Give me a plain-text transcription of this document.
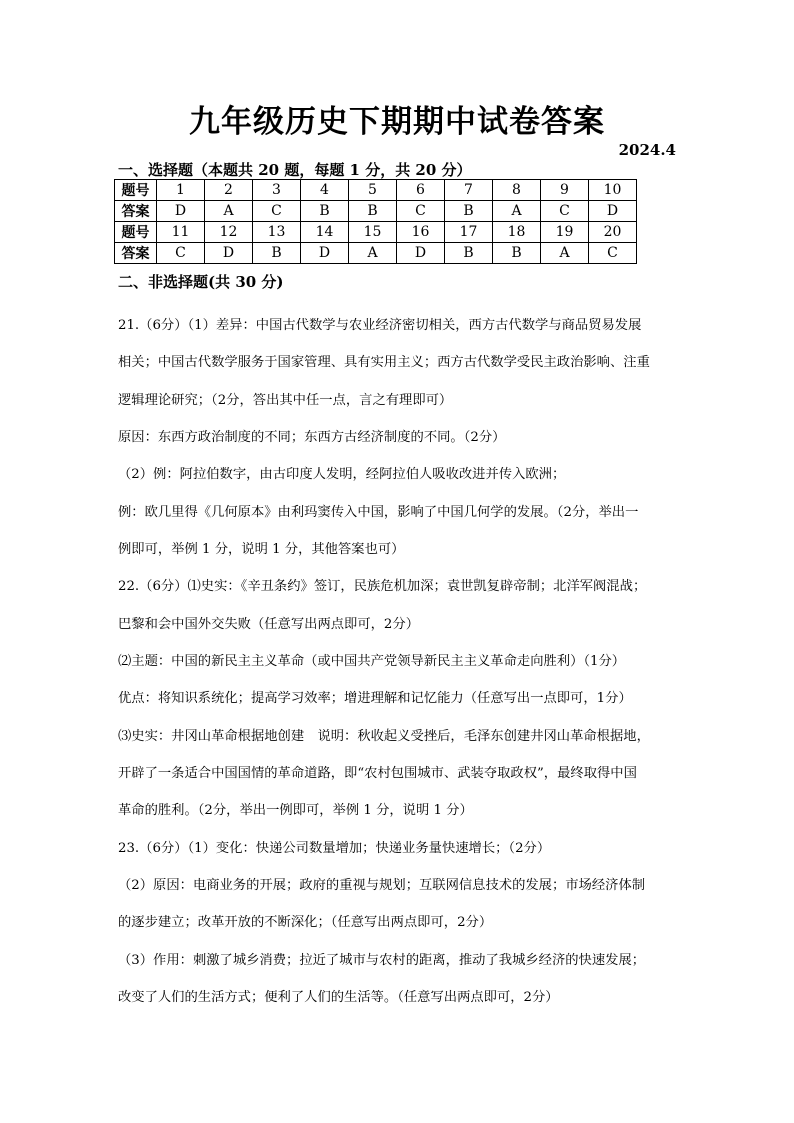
九年级历史下期期中试卷答案
2024.4
一、选择题（本题共 20 题，每题 1 分，共 20 分）
题号	1	2	3	4	5	6	7	8	9	10
答案	D	A	C	B	B	C	B	A	C	D
题号	11	12	13	14	15	16	17	18	19	20
答案	C	D	B	D	A	D	B	B	A	C
二、非选择题(共 30 分)
21.（6分）（1）差异：中国古代数学与农业经济密切相关，西方古代数学与商品贸易发展
相关；中国古代数学服务于国家管理、具有实用主义；西方古代数学受民主政治影响、注重
逻辑理论研究；（2分，答出其中任一点，言之有理即可）
原因：东西方政治制度的不同；东西方古经济制度的不同。（2分）
（2）例：阿拉伯数字，由古印度人发明，经阿拉伯人吸收改进并传入欧洲；
例：欧几里得《几何原本》由利玛窦传入中国，影响了中国几何学的发展。（2分，举出一
例即可，举例 1 分，说明 1 分，其他答案也可）
22.（6分）⑴史实：《辛丑条约》签订，民族危机加深；袁世凯复辟帝制；北洋军阀混战；
巴黎和会中国外交失败（任意写出两点即可，2分）
⑵主题：中国的新民主主义革命（或中国共产党领导新民主主义革命走向胜利）（1分）
优点：将知识系统化；提高学习效率；增进理解和记忆能力（任意写出一点即可，1分）
⑶史实：井冈山革命根据地创建　说明：秋收起义受挫后，毛泽东创建井冈山革命根据地，
开辟了一条适合中国国情的革命道路，即“农村包围城市、武装夺取政权”，最终取得中国
革命的胜利。（2分，举出一例即可，举例 1 分，说明 1 分）
23.（6分）（1）变化：快递公司数量增加；快递业务量快速增长；（2分）
（2）原因：电商业务的开展；政府的重视与规划；互联网信息技术的发展；市场经济体制
的逐步建立；改革开放的不断深化；（任意写出两点即可，2分）
（3）作用：刺激了城乡消费；拉近了城市与农村的距离，推动了我城乡经济的快速发展；
改变了人们的生活方式；便利了人们的生活等。（任意写出两点即可，2分）
